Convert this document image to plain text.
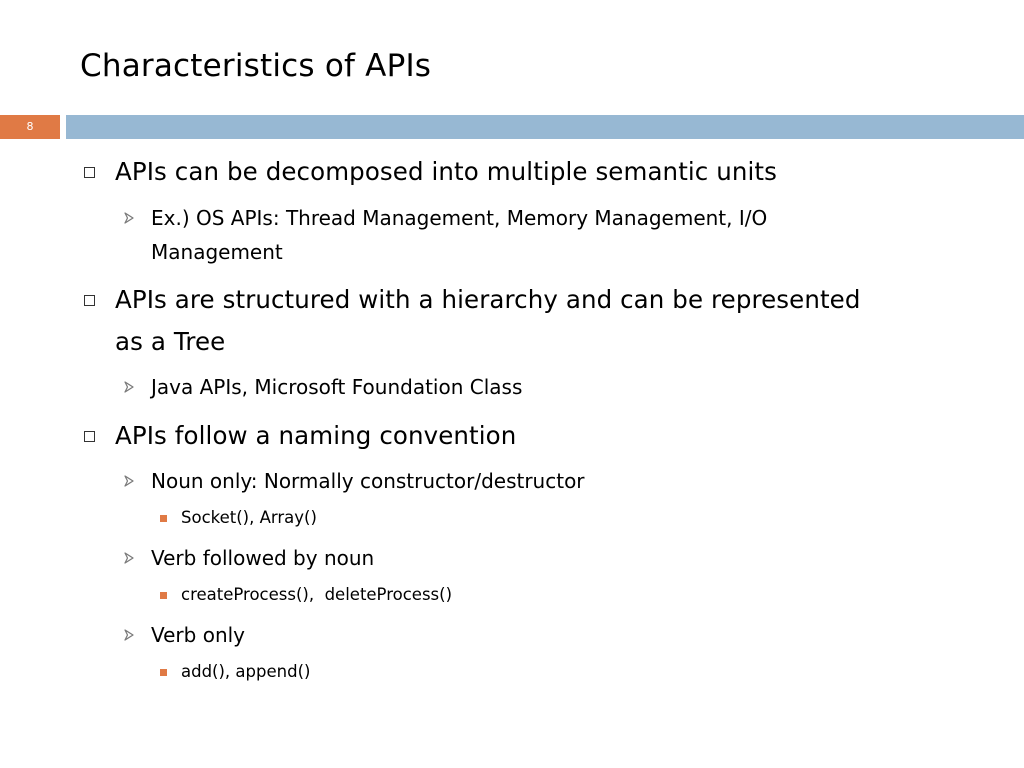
Characteristics of APIs
8
APIs can be decomposed into multiple semantic units
Ex.) OS APIs: Thread Management, Memory Management, I/O
Management
APIs are structured with a hierarchy and can be represented
as a Tree
Java APIs, Microsoft Foundation Class
APIs follow a naming convention
Noun only: Normally constructor/destructor
Socket(), Array()
Verb followed by noun
createProcess(),  deleteProcess()
Verb only
add(), append()
